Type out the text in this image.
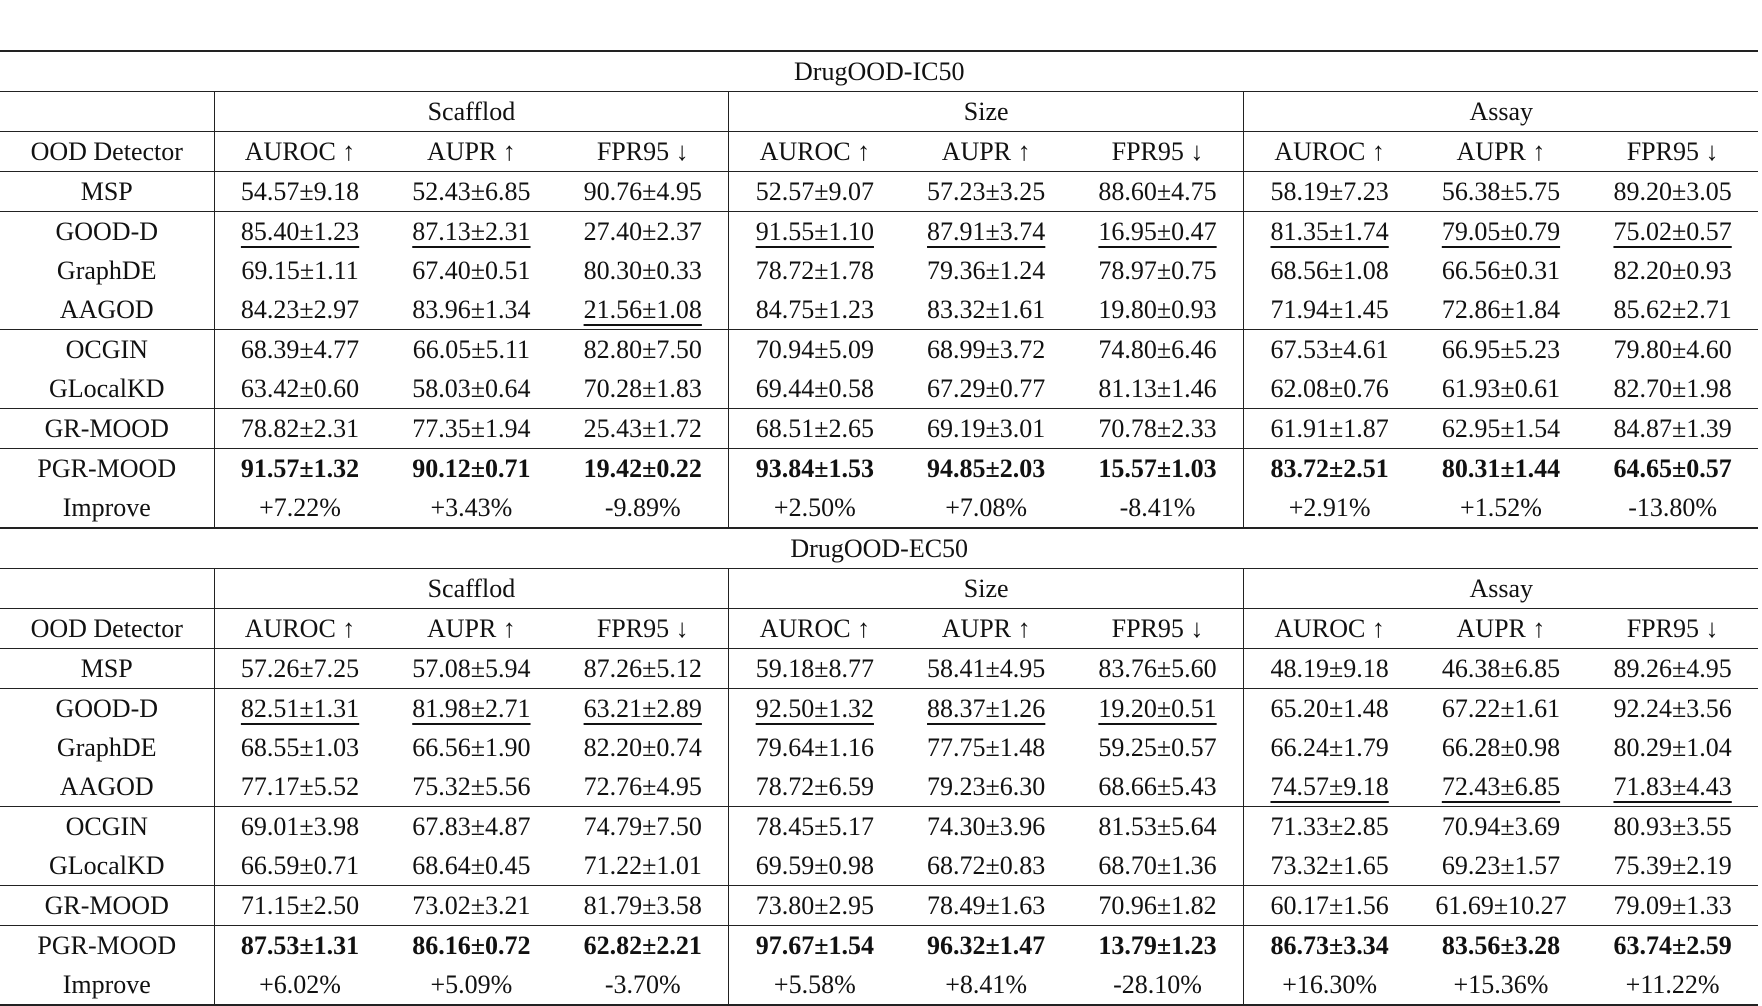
DrugOOD-IC50									
	Scafflod			Size			Assay		
OOD Detector	AUROC ↑	AUPR ↑	FPR95 ↓	AUROC ↑	AUPR ↑	FPR95 ↓	AUROC ↑	AUPR ↑	FPR95 ↓
MSP	54.57±9.18	52.43±6.85	90.76±4.95	52.57±9.07	57.23±3.25	88.60±4.75	58.19±7.23	56.38±5.75	89.20±3.05
GOOD-D	85.40±1.23	87.13±2.31	27.40±2.37	91.55±1.10	87.91±3.74	16.95±0.47	81.35±1.74	79.05±0.79	75.02±0.57
GraphDE	69.15±1.11	67.40±0.51	80.30±0.33	78.72±1.78	79.36±1.24	78.97±0.75	68.56±1.08	66.56±0.31	82.20±0.93
AAGOD	84.23±2.97	83.96±1.34	21.56±1.08	84.75±1.23	83.32±1.61	19.80±0.93	71.94±1.45	72.86±1.84	85.62±2.71
OCGIN	68.39±4.77	66.05±5.11	82.80±7.50	70.94±5.09	68.99±3.72	74.80±6.46	67.53±4.61	66.95±5.23	79.80±4.60
GLocalKD	63.42±0.60	58.03±0.64	70.28±1.83	69.44±0.58	67.29±0.77	81.13±1.46	62.08±0.76	61.93±0.61	82.70±1.98
GR-MOOD	78.82±2.31	77.35±1.94	25.43±1.72	68.51±2.65	69.19±3.01	70.78±2.33	61.91±1.87	62.95±1.54	84.87±1.39
PGR-MOOD	91.57±1.32	90.12±0.71	19.42±0.22	93.84±1.53	94.85±2.03	15.57±1.03	83.72±2.51	80.31±1.44	64.65±0.57
Improve	+7.22%	+3.43%	-9.89%	+2.50%	+7.08%	-8.41%	+2.91%	+1.52%	-13.80%
DrugOOD-EC50									
	Scafflod			Size			Assay		
OOD Detector	AUROC ↑	AUPR ↑	FPR95 ↓	AUROC ↑	AUPR ↑	FPR95 ↓	AUROC ↑	AUPR ↑	FPR95 ↓
MSP	57.26±7.25	57.08±5.94	87.26±5.12	59.18±8.77	58.41±4.95	83.76±5.60	48.19±9.18	46.38±6.85	89.26±4.95
GOOD-D	82.51±1.31	81.98±2.71	63.21±2.89	92.50±1.32	88.37±1.26	19.20±0.51	65.20±1.48	67.22±1.61	92.24±3.56
GraphDE	68.55±1.03	66.56±1.90	82.20±0.74	79.64±1.16	77.75±1.48	59.25±0.57	66.24±1.79	66.28±0.98	80.29±1.04
AAGOD	77.17±5.52	75.32±5.56	72.76±4.95	78.72±6.59	79.23±6.30	68.66±5.43	74.57±9.18	72.43±6.85	71.83±4.43
OCGIN	69.01±3.98	67.83±4.87	74.79±7.50	78.45±5.17	74.30±3.96	81.53±5.64	71.33±2.85	70.94±3.69	80.93±3.55
GLocalKD	66.59±0.71	68.64±0.45	71.22±1.01	69.59±0.98	68.72±0.83	68.70±1.36	73.32±1.65	69.23±1.57	75.39±2.19
GR-MOOD	71.15±2.50	73.02±3.21	81.79±3.58	73.80±2.95	78.49±1.63	70.96±1.82	60.17±1.56	61.69±10.27	79.09±1.33
PGR-MOOD	87.53±1.31	86.16±0.72	62.82±2.21	97.67±1.54	96.32±1.47	13.79±1.23	86.73±3.34	83.56±3.28	63.74±2.59
Improve	+6.02%	+5.09%	-3.70%	+5.58%	+8.41%	-28.10%	+16.30%	+15.36%	+11.22%
